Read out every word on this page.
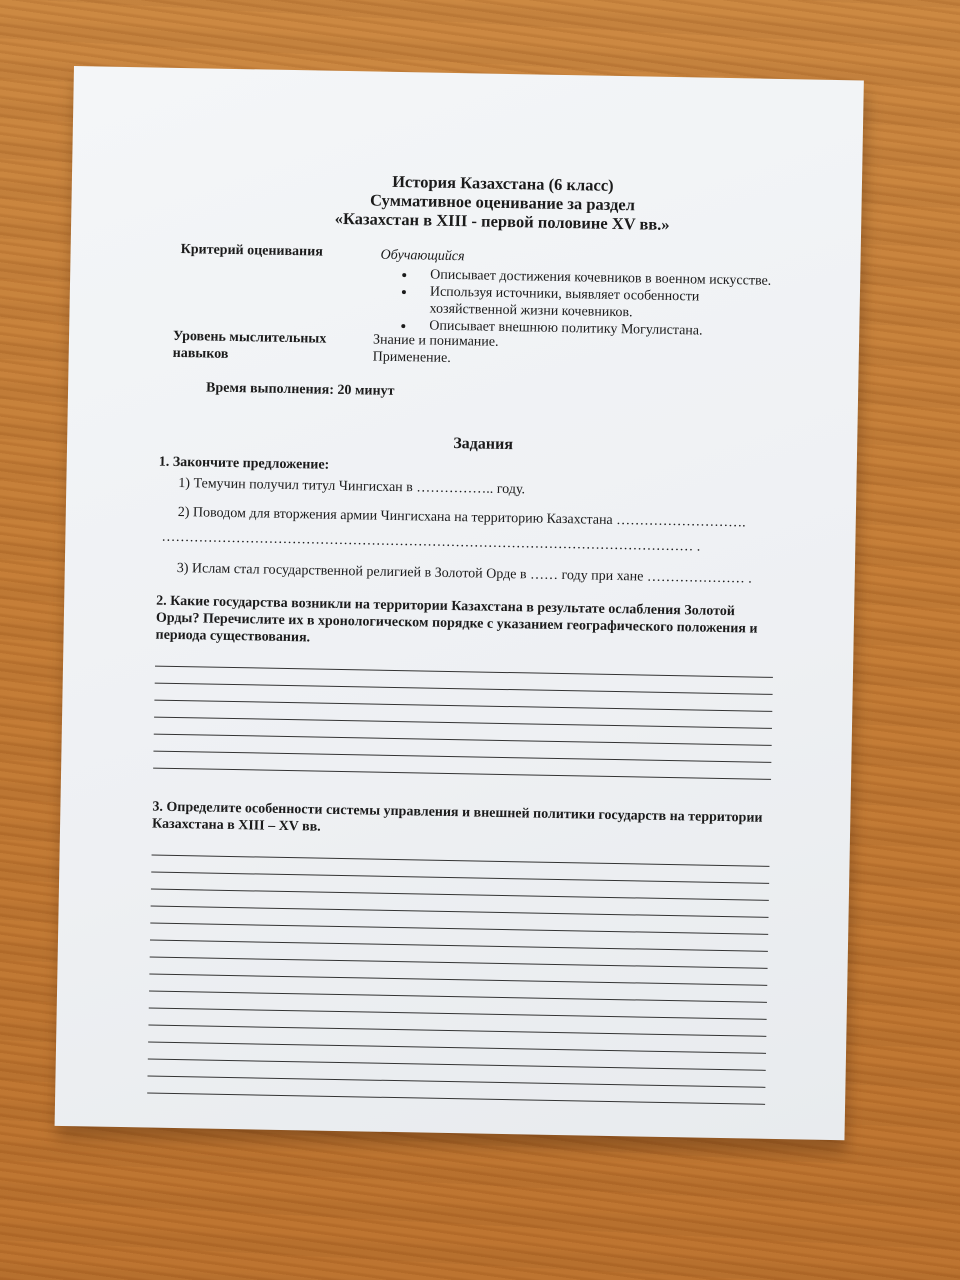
История Казахстана (6 класс)
Суммативное оценивание за раздел
«Казахстан в XIII - первой половине XV вв.»
Критерий оценивания	Обучающийся
• Описывает достижения кочевников в военном искусстве.
• Используя источники, выявляет особенности хозяйственной жизни кочевников.
• Описывает внешнюю политику Могулистана.
Уровень мыслительных навыков
Знание и понимание.
Применение.
Время выполнения: 20 минут
Задания
1. Закончите предложение:
1) Темучин получил титул Чингисхан в …………….. году.
2) Поводом для вторжения армии Чингисхана на территорию Казахстана ……………………….
…………………………………………………………………………………………………… .
3) Ислам стал государственной религией в Золотой Орде в …… году при хане ………………… .
2. Какие государства возникли на территории Казахстана в результате ослабления Золотой Орды? Перечислите их в хронологическом порядке с указанием географического положения и периода существования.
3. Определите особенности системы управления и внешней политики государств на территории Казахстана в XIII – XV вв.
